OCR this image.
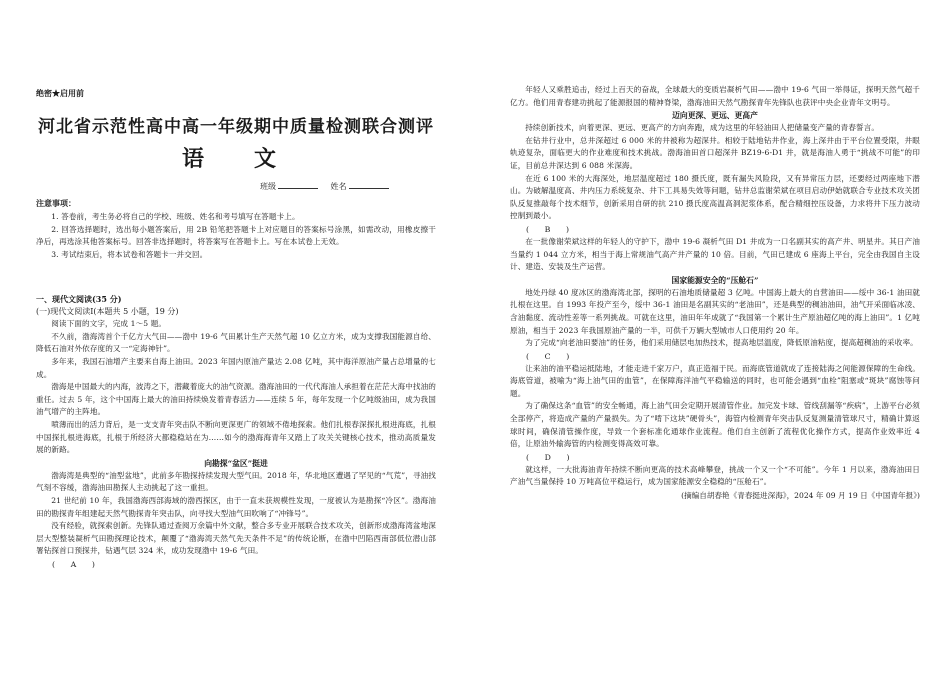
绝密★启用前
河北省示范性高中高一年级期中质量检测联合测评
语　文
班级	姓名
注意事项：

1. 答卷前，考生务必将自己的学校、班级、姓名和考号填写在答题卡上。

2. 回答选择题时，选出每小题答案后，用 2B 铅笔把答题卡上对应题目的答案标号涂黑，如需改动，用橡皮擦干净后，再选涂其他答案标号。回答非选择题时，将答案写在答题卡上。写在本试卷上无效。

3. 考试结束后，将本试卷和答题卡一并交回。

一、现代文阅读(35 分)

(一)现代文阅读Ⅰ(本题共 5 小题，19 分)

阅读下面的文字，完成 1～5 题。

不久前，渤海湾首个千亿方大气田——渤中 19-6 气田累计生产天然气超 10 亿立方米，成为支撑我国能源自给、降低石油对外依存度的又一“定海神针”。

多年来，我国石油增产主要来自海上油田。2023 年国内原油产量达 2.08 亿吨，其中海洋原油产量占总增量的七成。

渤海是中国最大的内海，波涛之下，潜藏着庞大的油气资源。渤海油田的一代代海油人承担着在茫茫大海中找油的重任。过去 5 年，这个中国海上最大的油田持续焕发着青春活力——连续 5 年，每年发现一个亿吨级油田，成为我国油气增产的主阵地。

喷薄而出的活力背后，是一支支青年突击队不断向更深更广的领域不倦地探索。他们扎根春深探扎根进海底，扎根中国探扎根进海底，扎根于所经济大都稳稳站在为……如今的渤海海青年又踏上了攻关关键核心技术，推动高质量发展的新路。

向勘探“盆区”挺进

渤海湾是典型的“油型盆地”，此前多年勘探持续发现大型气田。2018 年，华北地区遭遇了罕见的“气荒”，寻油找气刻不容缓，渤海油田勘探人主动挑起了这一重担。

21 世纪前 10 年，我国渤海西部海域的渤西探区，由于一直未获规模性发现，一度被认为是勘探“冷区”。渤海油田的勘探青年组建起天然气勘探青年突击队，向寻找大型油气田吹响了“冲锋号”。

没有经验，就探索创新。先锋队通过查阅万余篇中外文献，整合多专业开展联合技术攻关，创新形成渤海湾盆地深层大型整装凝析气田勘探理论技术，颠覆了“渤海湾天然气先天条件不足”的传统论断，在渤中凹陷西南部低位潜山部署钻探首口预探井，钻遇气层 324 米，成功发现渤中 19-6 气田。

(　　A　　)

年轻人又乘胜追击，经过上百天的奋战，全球最大的变质岩凝析气田——渤中 19-6 气田一举得证，探明天然气超千亿方。他们用青春建功挑起了能源报国的精神脊梁，渤海油田天然气勘探青年先锋队也获评中央企业青年文明号。

迈向更深、更远、更高产

持续创新技术，向着更深、更远、更高产的方向奔跑，成为这里的年轻油田人把储量变产量的青春誓言。

在钻井行业中，总井深超过 6 000 米的井被称为超深井。相较于陆地钻井作业，海上深井由于平台位置受限，井眼轨迹复杂，面临更大的作业难度和技术挑战。渤海油田首口超深井 BZ19-6-D1 井，就是海油人勇于“挑战不可能”的印证，目前总井深达到 6 088 米深海。

在近 6 100 米的大海深处，地层温度超过 180 摄氏度，既有漏失风险段，又有异常压力层，还要经过两座地下潜山。为破解温度高、井内压力系统复杂、井下工具易失效等问题，钻井总监谢荣斌在项目启动伊始就联合专业技术攻关团队反复推敲每个技术细节，创新采用自研的抗 210 摄氏度高温高洞泥浆体系，配合精细控压设备，力求将井下压力波动控制到最小。

(　　B　　)

在一批像谢荣斌这样的年轻人的守护下，渤中 19-6 凝析气田 D1 井成为一口名副其实的高产井、明星井。其日产油当量约 1 044 立方米，相当于海上常规油气高产井产量的 10 倍。目前，气田已建成 6 座海上平台，完全由我国自主设计、建造、安装及生产运营。

国家能源安全的“压舱石”

地处丹绿 40 度冰区的渤海湾北部，探明的石油地质储量超 3 亿吨。中国海上最大的自营油田——绥中 36-1 油田就扎根在这里。自 1993 年投产至今，绥中 36-1 油田是名副其实的“老油田”，还是典型的稠油油田，油气开采面临冰凌、含油黏度、流动性差等一系列挑战。可就在这里，油田年年成就了“我国第一个累计生产原油超亿吨的海上油田”。1 亿吨原油，相当于 2023 年我国原油产量的一半，可供千万辆大型城市人口使用约 20 年。

为了完成“向老油田要油”的任务，他们采用储层电加热技术，提高地层温度，降低原油粘度，提高超稠油的采收率。

(　　C　　)

让来油的油平稳运抵陆地，才能走进千家万户，真正造福于民。而海底管道就成了连接陆海之间能源保障的生命线。海底管道，被喻为“海上油气田的血管”，在保障海洋油气平稳输送的同时，也可能会遇到“血栓”阻塞或“斑块”腐蚀等问题。

为了确保这条“血管”的安全畅通，海上油气田会定期开展清管作业。加完发卡球、管线刮漏等“疾病”，上游平台必须全部停产，将造成产量的产量损失。为了“啃下这块”硬骨头”，海管内检测青年突击队反复测量清管球尺寸，精确计算返球时间，确保清管操作度，导致一个套标准化通球作业流程。他们自主创新了流程优化操作方式，提高作业效率近 4 倍，让原油外输海管的内检测变得高效可靠。

(　　D　　)

就这样，一大批海油青年持续不断向更高的技术高峰攀登，挑战一个又一个“不可能”。今年 1 月以来，渤海油田日产油气当量保持 10 万吨高位平稳运行，成为国家能源安全稳稳的“压舱石”。

(摘编自胡春艳《青春挺进深海》，2024 年 09 月 19 日《中国青年报》)
